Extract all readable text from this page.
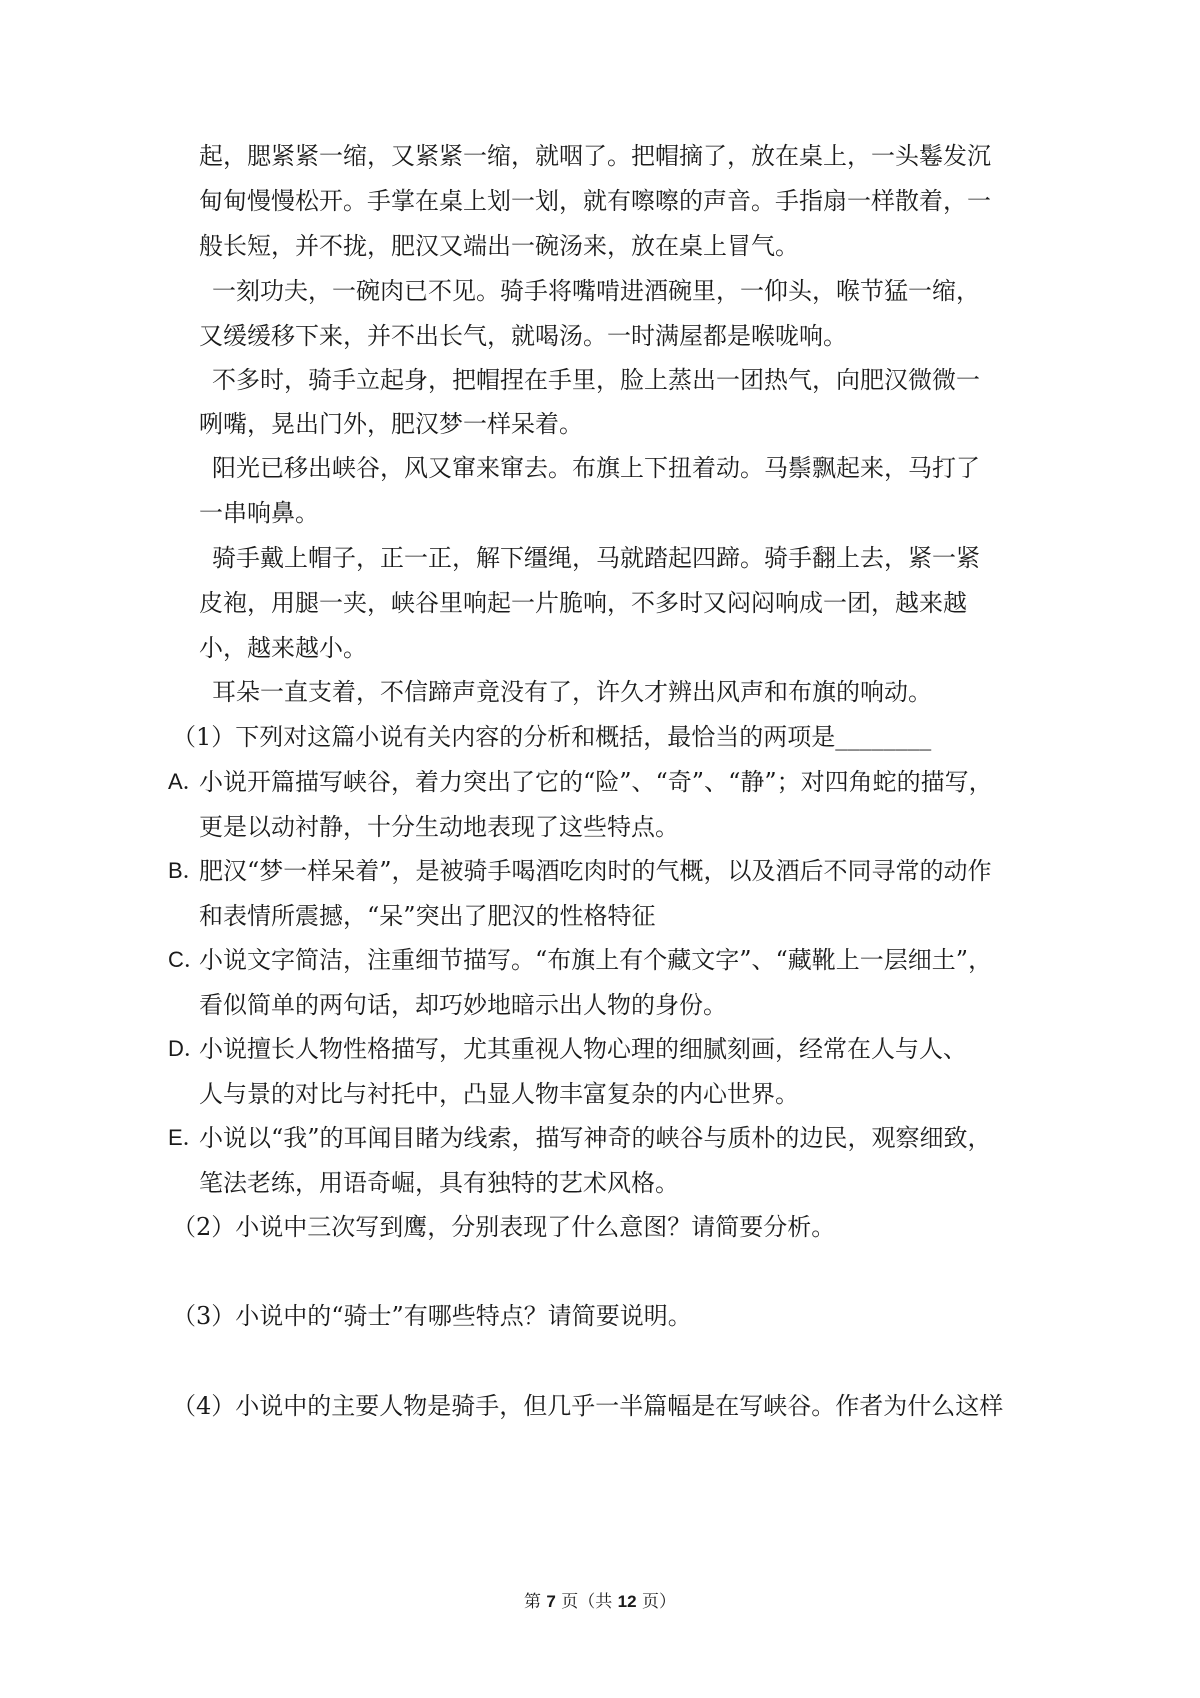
起，腮紧紧一缩，又紧紧一缩，就咽了。把帽摘了，放在桌上，一头鬈发沉
甸甸慢慢松开。手掌在桌上划一划，就有嚓嚓的声音。手指扇一样散着，一
般长短，并不拢，肥汉又端出一碗汤来，放在桌上冒气。
一刻功夫，一碗肉已不见。骑手将嘴啃进酒碗里，一仰头，喉节猛一缩，
又缓缓移下来，并不出长气，就喝汤。一时满屋都是喉咙响。
不多时，骑手立起身，把帽捏在手里，脸上蒸出一团热气，向肥汉微微一
咧嘴，晃出门外，肥汉梦一样呆着。
阳光已移出峡谷，风又窜来窜去。布旗上下扭着动。马鬃飘起来，马打了
一串响鼻。
骑手戴上帽子，正一正，解下缰绳，马就踏起四蹄。骑手翻上去，紧一紧
皮袍，用腿一夹，峡谷里响起一片脆响，不多时又闷闷响成一团，越来越
小，越来越小。
耳朵一直支着，不信蹄声竟没有了，许久才辨出风声和布旗的响动。
（1）下列对这篇小说有关内容的分析和概括，最恰当的两项是________
A．
小说开篇描写峡谷，着力突出了它的“险”、“奇”、“静”；对四角蛇的描写，
更是以动衬静，十分生动地表现了这些特点。
B．
肥汉“梦一样呆着”，是被骑手喝酒吃肉时的气概，以及酒后不同寻常的动作
和表情所震撼，“呆”突出了肥汉的性格特征
C．
小说文字简洁，注重细节描写。“布旗上有个藏文字”、“藏靴上一层细土”，
看似简单的两句话，却巧妙地暗示出人物的身份。
D．
小说擅长人物性格描写，尤其重视人物心理的细腻刻画，经常在人与人、
人与景的对比与衬托中，凸显人物丰富复杂的内心世界。
E．
小说以“我”的耳闻目睹为线索，描写神奇的峡谷与质朴的边民，观察细致，
笔法老练，用语奇崛，具有独特的艺术风格。
（2）小说中三次写到鹰，分别表现了什么意图？请简要分析。
（3）小说中的“骑士”有哪些特点？请简要说明。
（4）小说中的主要人物是骑手，但几乎一半篇幅是在写峡谷。作者为什么这样
第 7 页（共 12 页）
